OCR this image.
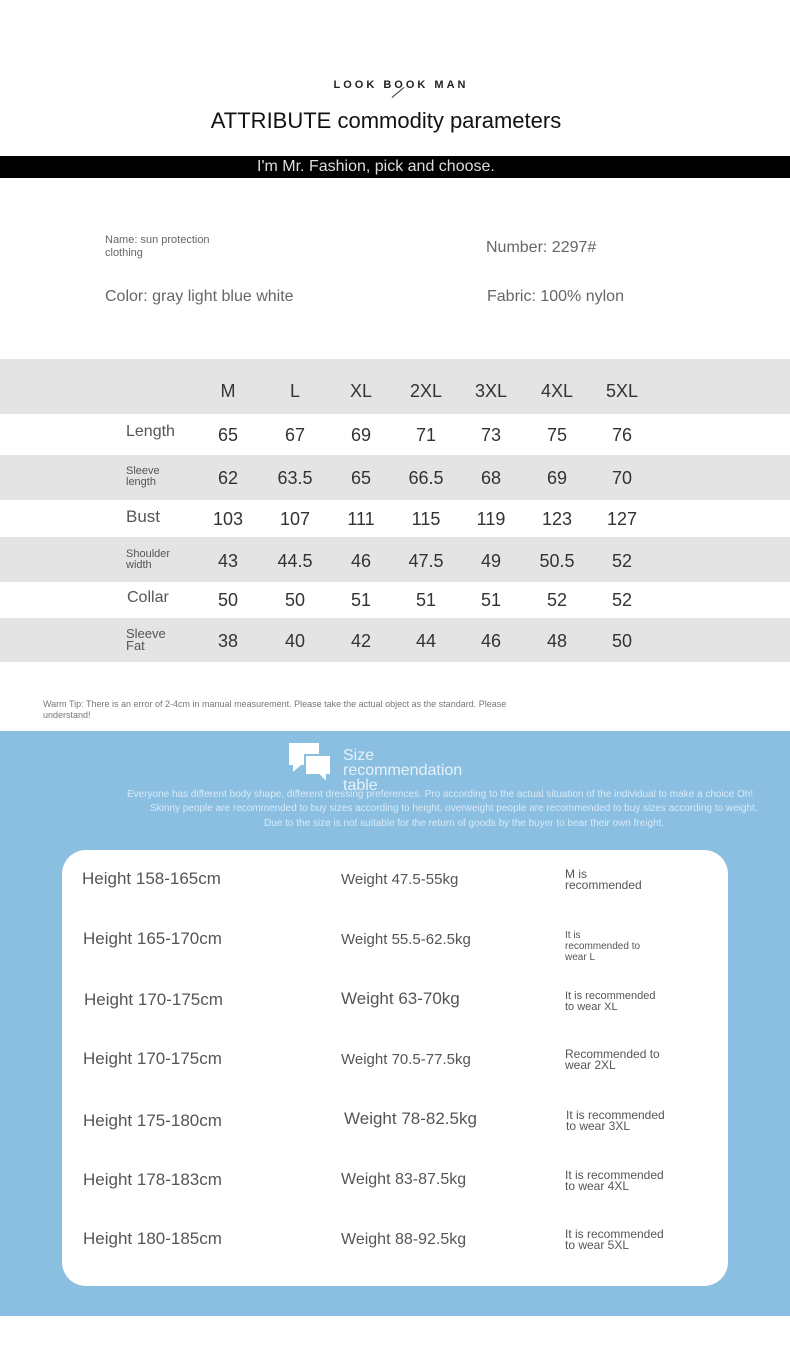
LOOK BOOK MAN
ATTRIBUTE commodity parameters
I'm Mr. Fashion, pick and choose.
Name: sun protection clothing	Number: 2297#
Color: gray light blue white	Fabric: 100% nylon
M	L	XL	2XL	3XL	4XL	5XL
Length	65	67	69	71	73	75	76
Sleeve length	62	63.5	65	66.5	68	69	70
Bust	103	107	111	115	119	123	127
Shoulder width	43	44.5	46	47.5	49	50.5	52
Collar	50	50	51	51	51	52	52
Sleeve Fat	38	40	42	44	46	48	50
Warm Tip: There is an error of 2-4cm in manual measurement. Please take the actual object as the standard. Please understand!
Size recommendation table
Everyone has different body shape, different dressing preferences. Pro according to the actual situation of the individual to make a choice Oh!
Skinny people are recommended to buy sizes according to height, overweight people are recommended to buy sizes according to weight.
Due to the size is not suitable for the return of goods by the buyer to bear their own freight.
Height 158-165cm	Weight 47.5-55kg	M is recommended
Height 165-170cm	Weight 55.5-62.5kg	It is recommended to wear L
Height 170-175cm	Weight 63-70kg	It is recommended to wear XL
Height 170-175cm	Weight 70.5-77.5kg	Recommended to wear 2XL
Height 175-180cm	Weight 78-82.5kg	It is recommended to wear 3XL
Height 178-183cm	Weight 83-87.5kg	It is recommended to wear 4XL
Height 180-185cm	Weight 88-92.5kg	It is recommended to wear 5XL
